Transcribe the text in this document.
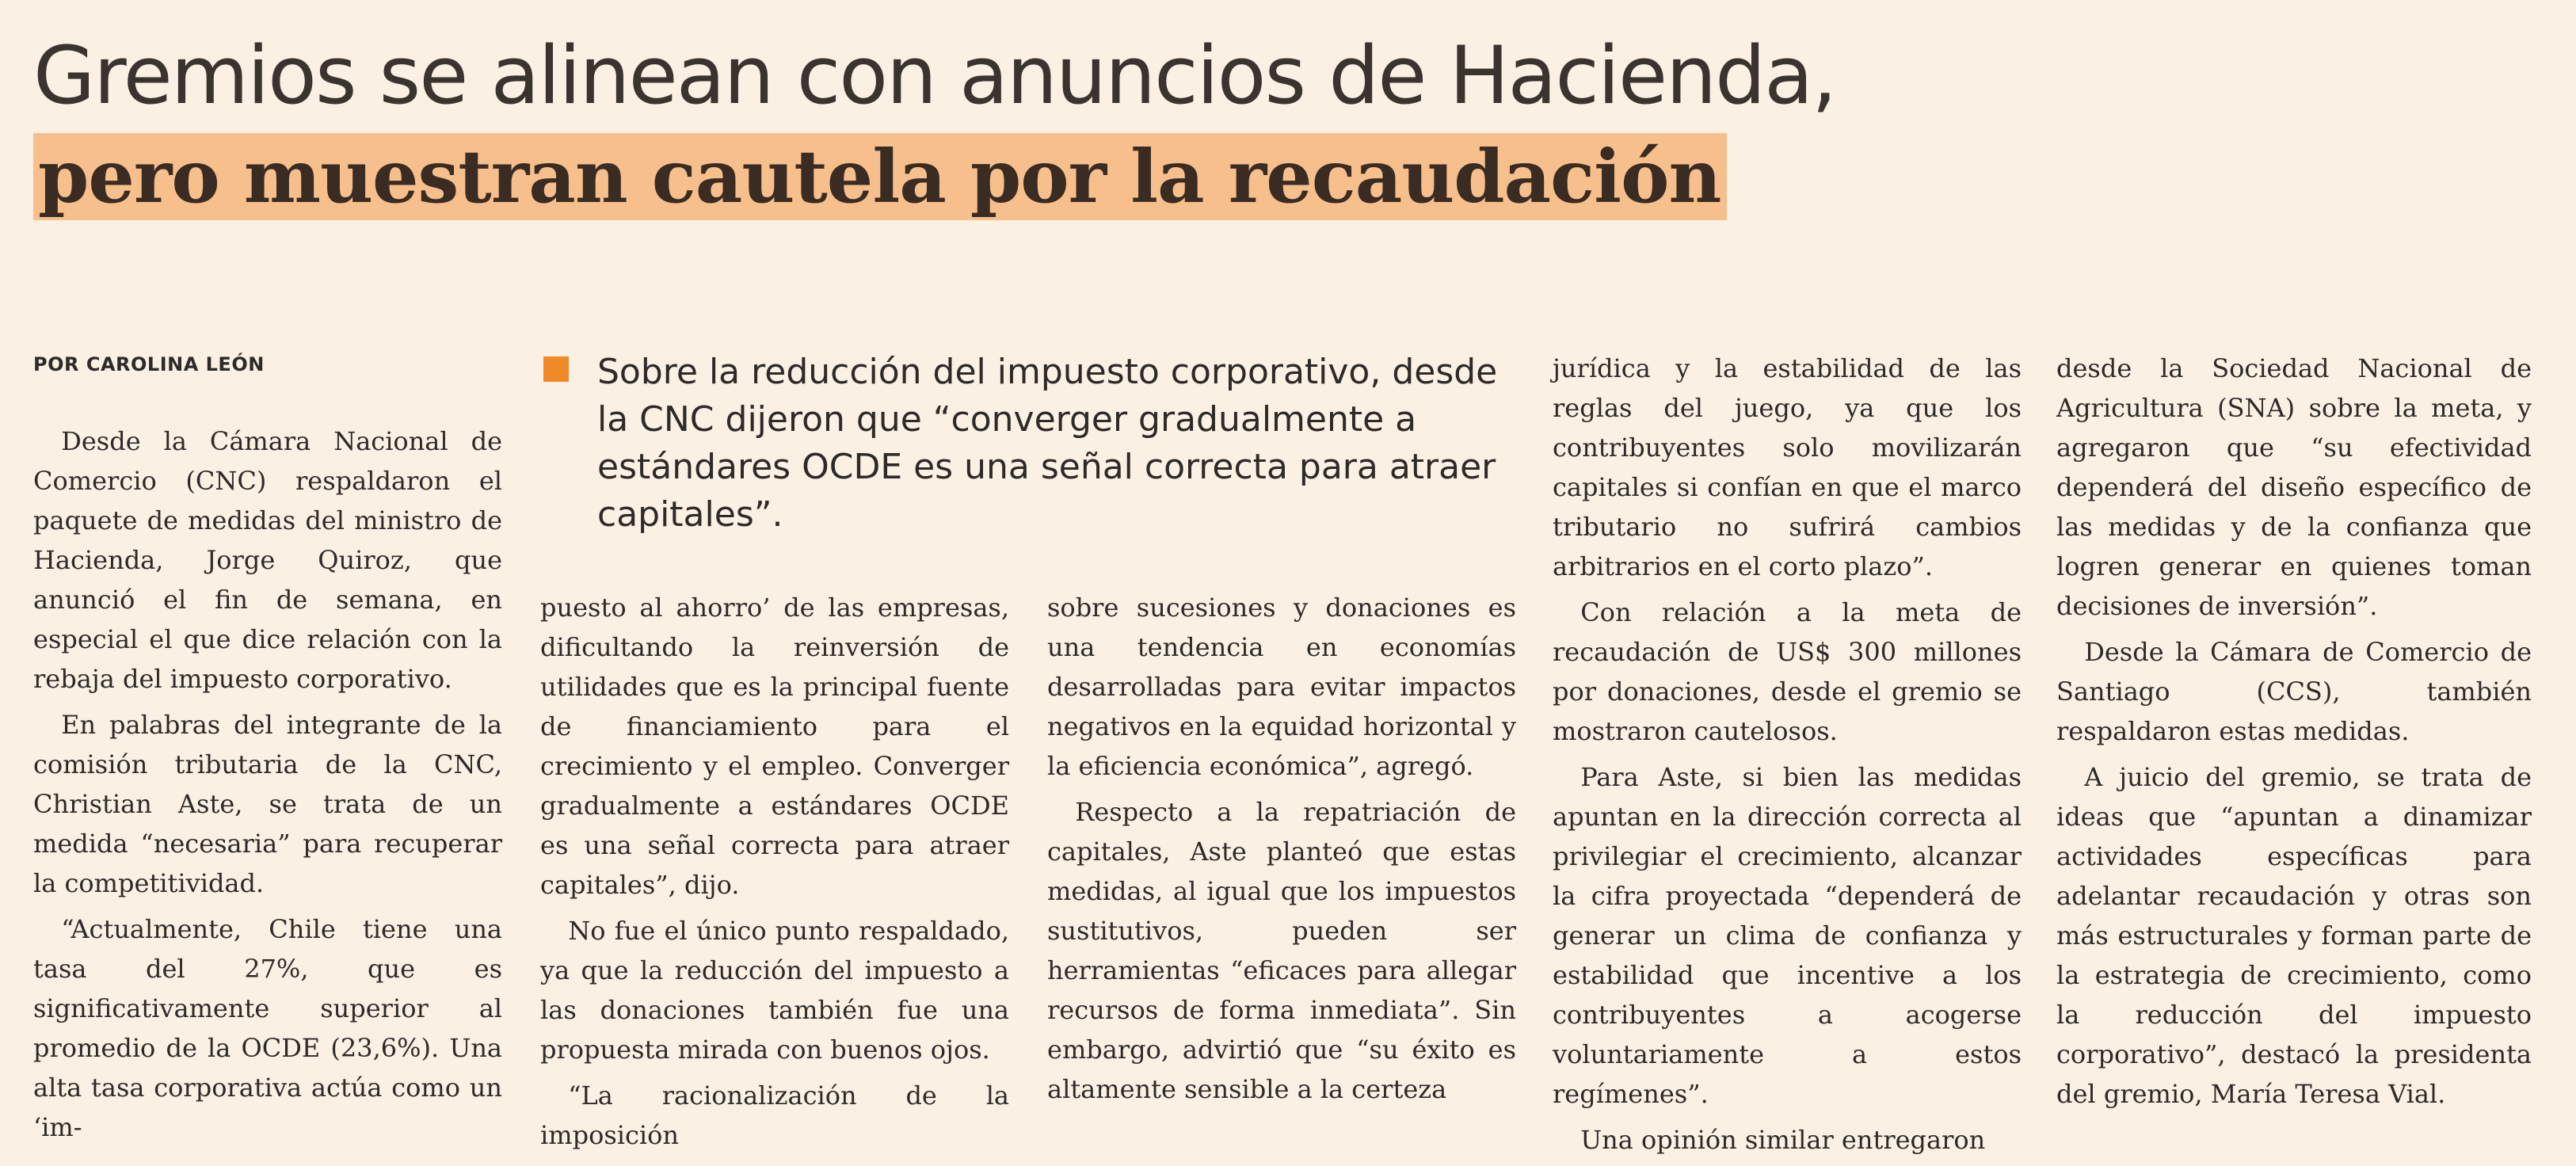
Gremios se alinean con anuncios de Hacienda,
pero muestran cautela por la recaudación
POR CAROLINA LEÓN	Sobre la reducción del impuesto corporativo, desde la CNC dijeron que “converger gradualmente a estándares OCDE es una señal correcta para atraer capitales”.

Desde la Cámara Nacional de Comercio (CNC) respaldaron el paquete de medidas del ministro de Hacienda, Jorge Quiroz, que anunció el fin de semana, en especial el que dice relación con la rebaja del impuesto corporativo.

En palabras del integrante de la comisión tributaria de la CNC, Christian Aste, se trata de un medida “necesaria” para recuperar la competitividad.

“Actualmente, Chile tiene una tasa del 27%, que es significativamente superior al promedio de la OCDE (23,6%). Una alta tasa corporativa actúa como un ‘im-

puesto al ahorro’ de las empresas, dificultando la reinversión de utilidades que es la principal fuente de financiamiento para el crecimiento y el empleo. Converger gradualmente a estándares OCDE es una señal correcta para atraer capitales”, dijo.

No fue el único punto respaldado, ya que la reducción del impuesto a las donaciones también fue una propuesta mirada con buenos ojos.

“La racionalización de la imposición

sobre sucesiones y donaciones es una tendencia en economías desarrolladas para evitar impactos negativos en la equidad horizontal y la eficiencia económica”, agregó.

Respecto a la repatriación de capitales, Aste planteó que estas medidas, al igual que los impuestos sustitutivos, pueden ser herramientas “eficaces para allegar recursos de forma inmediata”. Sin embargo, advirtió que “su éxito es altamente sensible a la certeza

jurídica y la estabilidad de las reglas del juego, ya que los contribuyentes solo movilizarán capitales si confían en que el marco tributario no sufrirá cambios arbitrarios en el corto plazo”.

Con relación a la meta de recaudación de US$ 300 millones por donaciones, desde el gremio se mostraron cautelosos.

Para Aste, si bien las medidas apuntan en la dirección correcta al privilegiar el crecimiento, alcanzar la cifra proyectada “dependerá de generar un clima de confianza y estabilidad que incentive a los contribuyentes a acogerse voluntariamente a estos regímenes”.

Una opinión similar entregaron

desde la Sociedad Nacional de Agricultura (SNA) sobre la meta, y agregaron que “su efectividad dependerá del diseño específico de las medidas y de la confianza que logren generar en quienes toman decisiones de inversión”.

Desde la Cámara de Comercio de Santiago (CCS), también respaldaron estas medidas.

A juicio del gremio, se trata de ideas que “apuntan a dinamizar actividades específicas para adelantar recaudación y otras son más estructurales y forman parte de la estrategia de crecimiento, como la reducción del impuesto corporativo”, destacó la presidenta del gremio, María Teresa Vial.
